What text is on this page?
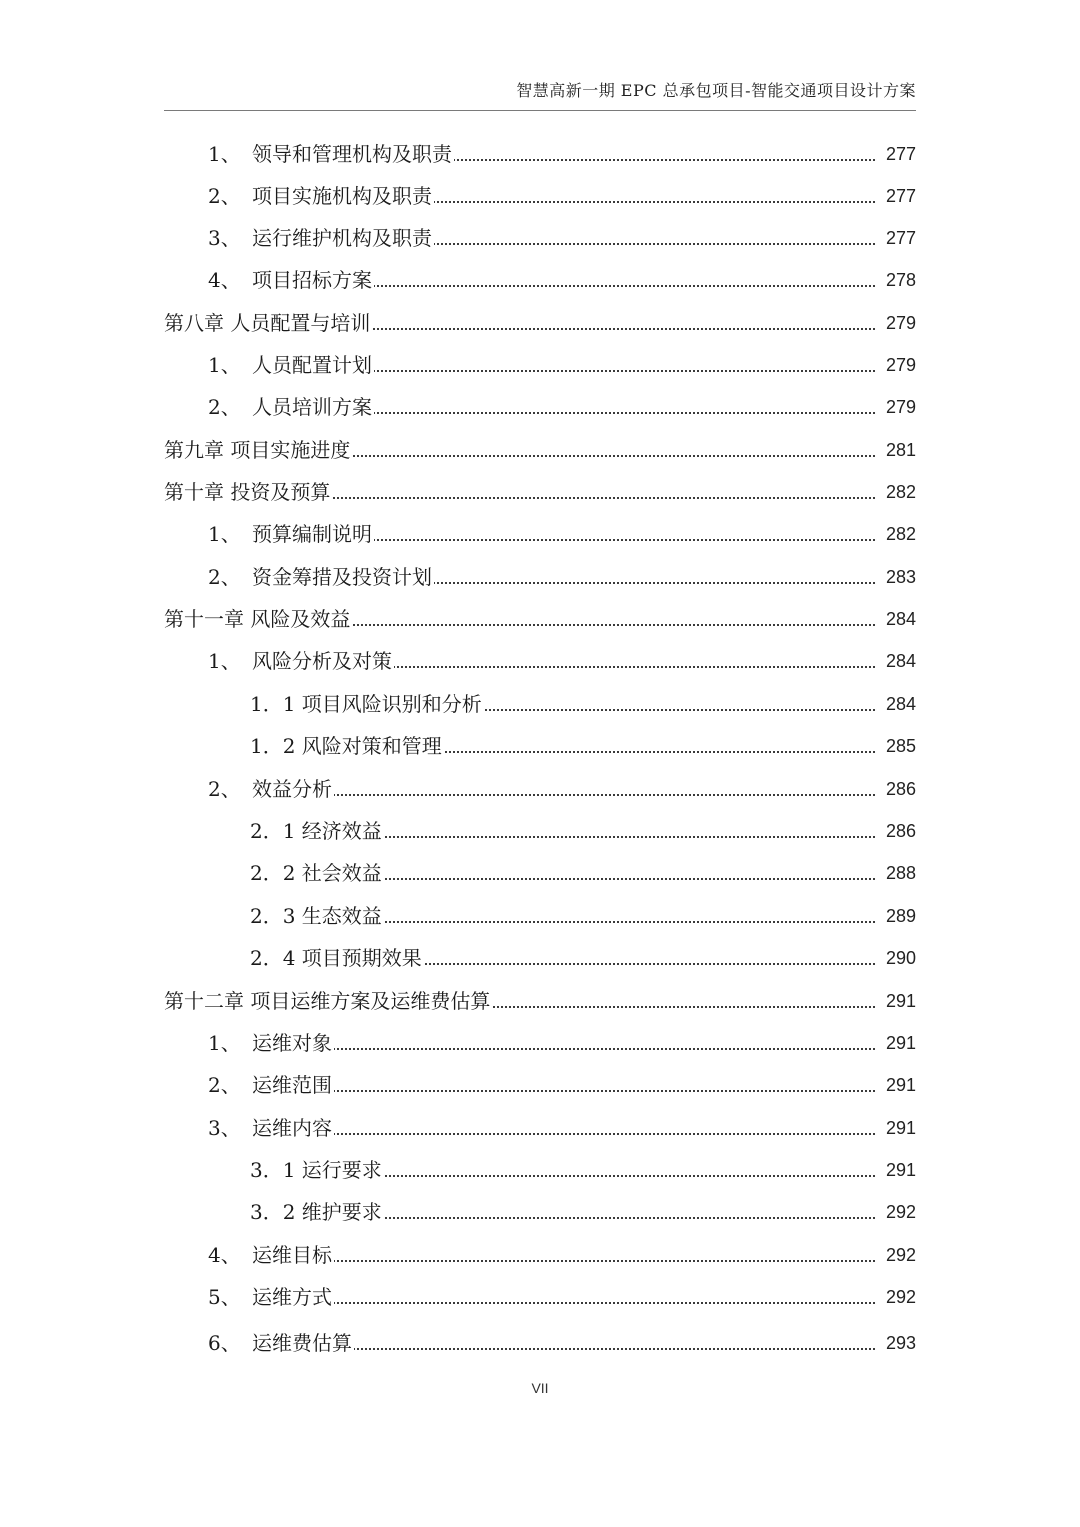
智慧高新一期 EPC 总承包项目-智能交通项目设计方案
1、 领导和管理机构及职责	277
2、 项目实施机构及职责	277
3、 运行维护机构及职责	277
4、 项目招标方案	278
第八章 人员配置与培训	279
1、 人员配置计划	279
2、 人员培训方案	279
第九章 项目实施进度	281
第十章 投资及预算	282
1、 预算编制说明	282
2、 资金筹措及投资计划	283
第十一章 风险及效益	284
1、 风险分析及对策	284
1．1 项目风险识别和分析	284
1．2 风险对策和管理	285
2、 效益分析	286
2．1 经济效益	286
2．2 社会效益	288
2．3 生态效益	289
2．4 项目预期效果	290
第十二章 项目运维方案及运维费估算	291
1、 运维对象	291
2、 运维范围	291
3、 运维内容	291
3．1 运行要求	291
3．2 维护要求	292
4、 运维目标	292
5、 运维方式	292
6、 运维费估算	293
VII
